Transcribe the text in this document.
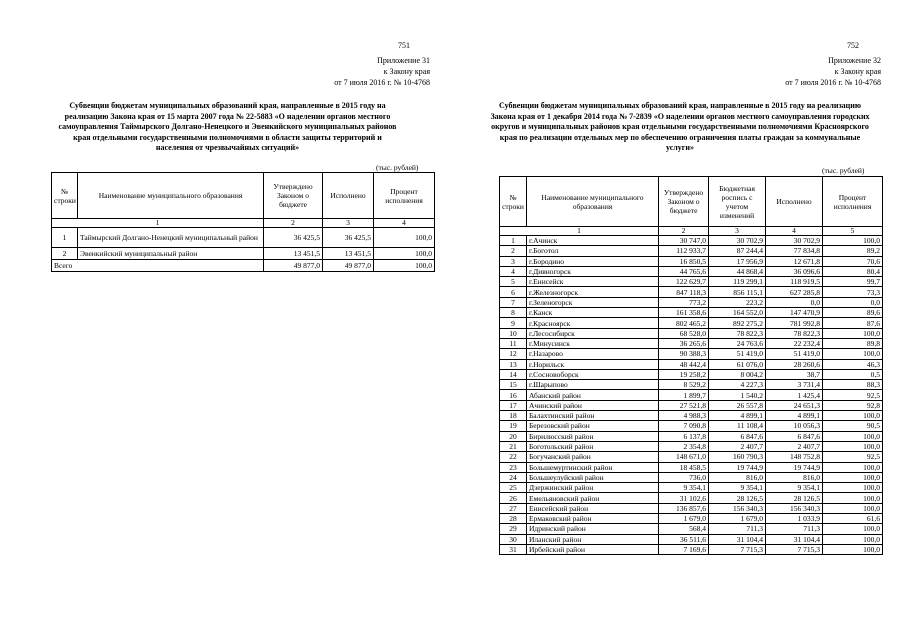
751
Приложение 31
к Закону края
от 7 июля 2016 г. № 10-4768
Субвенции бюджетам муниципальных образований края, направленные в 2015 году на реализацию Закона края от 15 марта 2007 года № 22-5883 «О наделении органов местного самоуправления Таймырского Долгано-Ненецкого и Эвенкийского муниципальных районов края отдельными государственными полномочиями в области защиты территорий и населения от чрезвычайных ситуаций»
(тыс. рублей)
№ строки	Наименование муниципального образования	Утверждено Законом о бюджете	Исполнено	Процент исполнения
1		2	3	4
1	Таймырский Долгано-Ненецкий муниципальный район	36 425,5	36 425,5	100,0
2	Эвенкийский муниципальный район	13 451,5	13 451,5	100,0
Всего		49 877,0	49 877,0	100,0
752
Приложение 32
к Закону края
от 7 июля 2016 г. № 10-4768
Субвенции бюджетам муниципальных образований края, направленные в 2015 году на реализацию Закона края от 1 декабря 2014 года № 7-2839 «О наделении органов местного самоуправления городских округов и муниципальных районов края отдельными государственными полномочиями Красноярского края по реализации отдельных мер по обеспечению ограничения платы граждан за коммунальные услуги»
(тыс. рублей)
№ строки	Наименование муниципального образования	Утверждено Законом о бюджете	Бюджетная роспись с учетом изменений	Исполнено	Процент исполнения
1		2	3	4	5
1	г.Ачинск	30 747,0	30 702,9	30 702,9	100,0
2	г.Боготол	112 933,7	87 244,4	77 834,8	89,2
3	г.Бородино	16 850,5	17 956,9	12 671,8	70,6
4	г.Дивногорск	44 765,6	44 868,4	36 096,6	80,4
5	г.Енисейск	122 629,7	119 299,1	118 919,5	99,7
6	г.Железногорск	847 118,3	856 115,1	627 285,8	73,3
7	г.Зеленогорск	773,2	223,2	0,0	0,0
8	г.Канск	161 358,6	164 552,0	147 470,9	89,6
9	г.Красноярск	802 465,2	892 275,2	781 992,8	87,6
10	г.Лесосибирск	68 528,0	78 822,3	78 822,3	100,0
11	г.Минусинск	36 265,6	24 763,6	22 232,4	89,8
12	г.Назарово	90 388,3	51 419,0	51 419,0	100,0
13	г.Норильск	48 442,4	61 076,0	28 260,6	46,3
14	г.Сосновоборск	19 258,2	8 004,2	38,7	0,5
15	г.Шарыпово	8 529,2	4 227,3	3 731,4	88,3
16	Абанский район	1 899,7	1 540,2	1 425,4	92,5
17	Ачинский район	27 521,8	26 557,8	24 651,3	92,8
18	Балахтинский район	4 988,3	4 899,1	4 899,1	100,0
19	Березовский район	7 090,8	11 108,4	10 056,3	90,5
20	Бирилюсский район	6 137,8	6 847,6	6 847,6	100,0
21	Боготольский район	2 354,8	2 407,7	2 407,7	100,0
22	Богучанский район	148 671,0	160 790,3	148 752,8	92,5
23	Большемуртинский район	18 458,5	19 744,9	19 744,9	100,0
24	Большеулуйский район	736,0	816,0	816,0	100,0
25	Дзержинский район	9 354,1	9 354,1	9 354,1	100,0
26	Емельяновский район	31 102,6	28 126,5	28 126,5	100,0
27	Енисейский район	136 857,6	156 340,3	156 340,3	100,0
28	Ермаковский район	1 679,0	1 679,0	1 033,9	61,6
29	Идринский район	568,4	711,3	711,3	100,0
30	Иланский район	36 511,6	31 104,4	31 104,4	100,0
31	Ирбейский район	7 169,6	7 715,3	7 715,3	100,0
